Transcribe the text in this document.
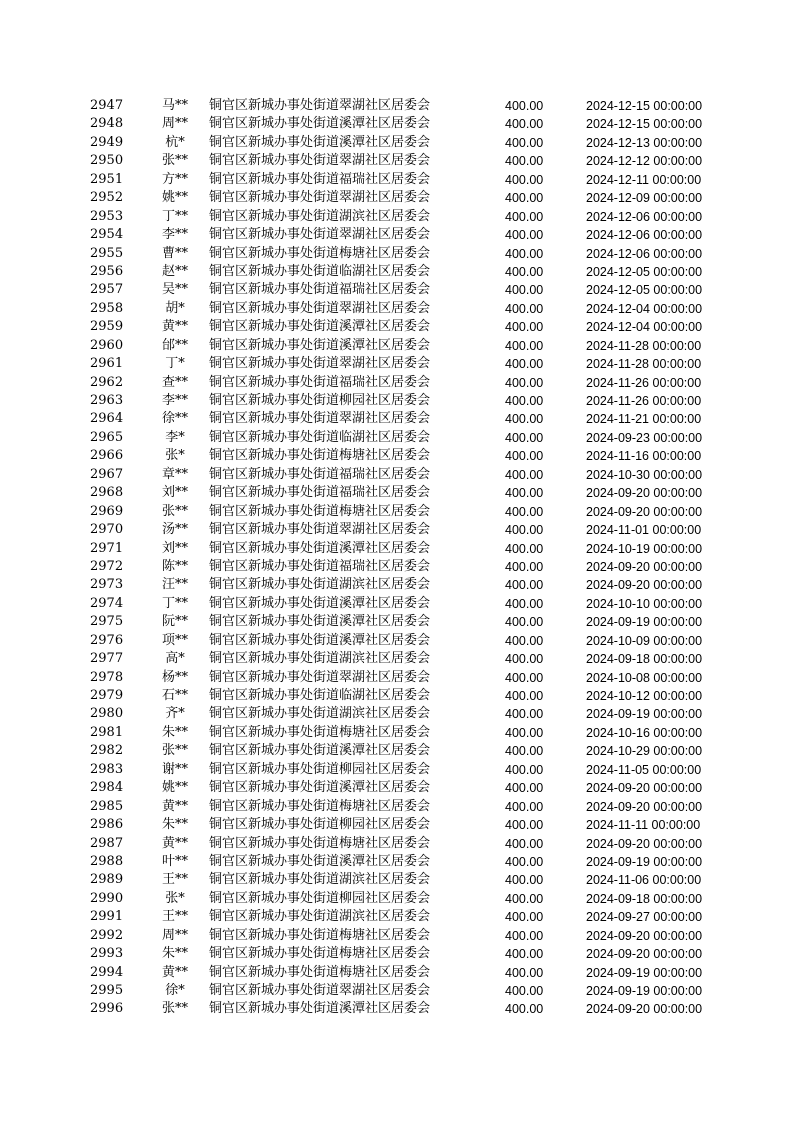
2947	马**	铜官区新城办事处街道翠湖社区居委会	400.00	2024-12-15 00:00:00
2948	周**	铜官区新城办事处街道溪潭社区居委会	400.00	2024-12-15 00:00:00
2949	杭*	铜官区新城办事处街道溪潭社区居委会	400.00	2024-12-13 00:00:00
2950	张**	铜官区新城办事处街道翠湖社区居委会	400.00	2024-12-12 00:00:00
2951	方**	铜官区新城办事处街道福瑞社区居委会	400.00	2024-12-11 00:00:00
2952	姚**	铜官区新城办事处街道翠湖社区居委会	400.00	2024-12-09 00:00:00
2953	丁**	铜官区新城办事处街道湖滨社区居委会	400.00	2024-12-06 00:00:00
2954	李**	铜官区新城办事处街道翠湖社区居委会	400.00	2024-12-06 00:00:00
2955	曹**	铜官区新城办事处街道梅塘社区居委会	400.00	2024-12-06 00:00:00
2956	赵**	铜官区新城办事处街道临湖社区居委会	400.00	2024-12-05 00:00:00
2957	吴**	铜官区新城办事处街道福瑞社区居委会	400.00	2024-12-05 00:00:00
2958	胡*	铜官区新城办事处街道翠湖社区居委会	400.00	2024-12-04 00:00:00
2959	黄**	铜官区新城办事处街道溪潭社区居委会	400.00	2024-12-04 00:00:00
2960	邰**	铜官区新城办事处街道溪潭社区居委会	400.00	2024-11-28 00:00:00
2961	丁*	铜官区新城办事处街道翠湖社区居委会	400.00	2024-11-28 00:00:00
2962	查**	铜官区新城办事处街道福瑞社区居委会	400.00	2024-11-26 00:00:00
2963	李**	铜官区新城办事处街道柳园社区居委会	400.00	2024-11-26 00:00:00
2964	徐**	铜官区新城办事处街道翠湖社区居委会	400.00	2024-11-21 00:00:00
2965	李*	铜官区新城办事处街道临湖社区居委会	400.00	2024-09-23 00:00:00
2966	张*	铜官区新城办事处街道梅塘社区居委会	400.00	2024-11-16 00:00:00
2967	章**	铜官区新城办事处街道福瑞社区居委会	400.00	2024-10-30 00:00:00
2968	刘**	铜官区新城办事处街道福瑞社区居委会	400.00	2024-09-20 00:00:00
2969	张**	铜官区新城办事处街道梅塘社区居委会	400.00	2024-09-20 00:00:00
2970	汤**	铜官区新城办事处街道翠湖社区居委会	400.00	2024-11-01 00:00:00
2971	刘**	铜官区新城办事处街道溪潭社区居委会	400.00	2024-10-19 00:00:00
2972	陈**	铜官区新城办事处街道福瑞社区居委会	400.00	2024-09-20 00:00:00
2973	汪**	铜官区新城办事处街道湖滨社区居委会	400.00	2024-09-20 00:00:00
2974	丁**	铜官区新城办事处街道溪潭社区居委会	400.00	2024-10-10 00:00:00
2975	阮**	铜官区新城办事处街道溪潭社区居委会	400.00	2024-09-19 00:00:00
2976	项**	铜官区新城办事处街道溪潭社区居委会	400.00	2024-10-09 00:00:00
2977	高*	铜官区新城办事处街道湖滨社区居委会	400.00	2024-09-18 00:00:00
2978	杨**	铜官区新城办事处街道翠湖社区居委会	400.00	2024-10-08 00:00:00
2979	石**	铜官区新城办事处街道临湖社区居委会	400.00	2024-10-12 00:00:00
2980	齐*	铜官区新城办事处街道湖滨社区居委会	400.00	2024-09-19 00:00:00
2981	朱**	铜官区新城办事处街道梅塘社区居委会	400.00	2024-10-16 00:00:00
2982	张**	铜官区新城办事处街道溪潭社区居委会	400.00	2024-10-29 00:00:00
2983	谢**	铜官区新城办事处街道柳园社区居委会	400.00	2024-11-05 00:00:00
2984	姚**	铜官区新城办事处街道溪潭社区居委会	400.00	2024-09-20 00:00:00
2985	黄**	铜官区新城办事处街道梅塘社区居委会	400.00	2024-09-20 00:00:00
2986	朱**	铜官区新城办事处街道柳园社区居委会	400.00	2024-11-11 00:00:00
2987	黄**	铜官区新城办事处街道梅塘社区居委会	400.00	2024-09-20 00:00:00
2988	叶**	铜官区新城办事处街道溪潭社区居委会	400.00	2024-09-19 00:00:00
2989	王**	铜官区新城办事处街道湖滨社区居委会	400.00	2024-11-06 00:00:00
2990	张*	铜官区新城办事处街道柳园社区居委会	400.00	2024-09-18 00:00:00
2991	王**	铜官区新城办事处街道湖滨社区居委会	400.00	2024-09-27 00:00:00
2992	周**	铜官区新城办事处街道梅塘社区居委会	400.00	2024-09-20 00:00:00
2993	朱**	铜官区新城办事处街道梅塘社区居委会	400.00	2024-09-20 00:00:00
2994	黄**	铜官区新城办事处街道梅塘社区居委会	400.00	2024-09-19 00:00:00
2995	徐*	铜官区新城办事处街道翠湖社区居委会	400.00	2024-09-19 00:00:00
2996	张**	铜官区新城办事处街道溪潭社区居委会	400.00	2024-09-20 00:00:00
